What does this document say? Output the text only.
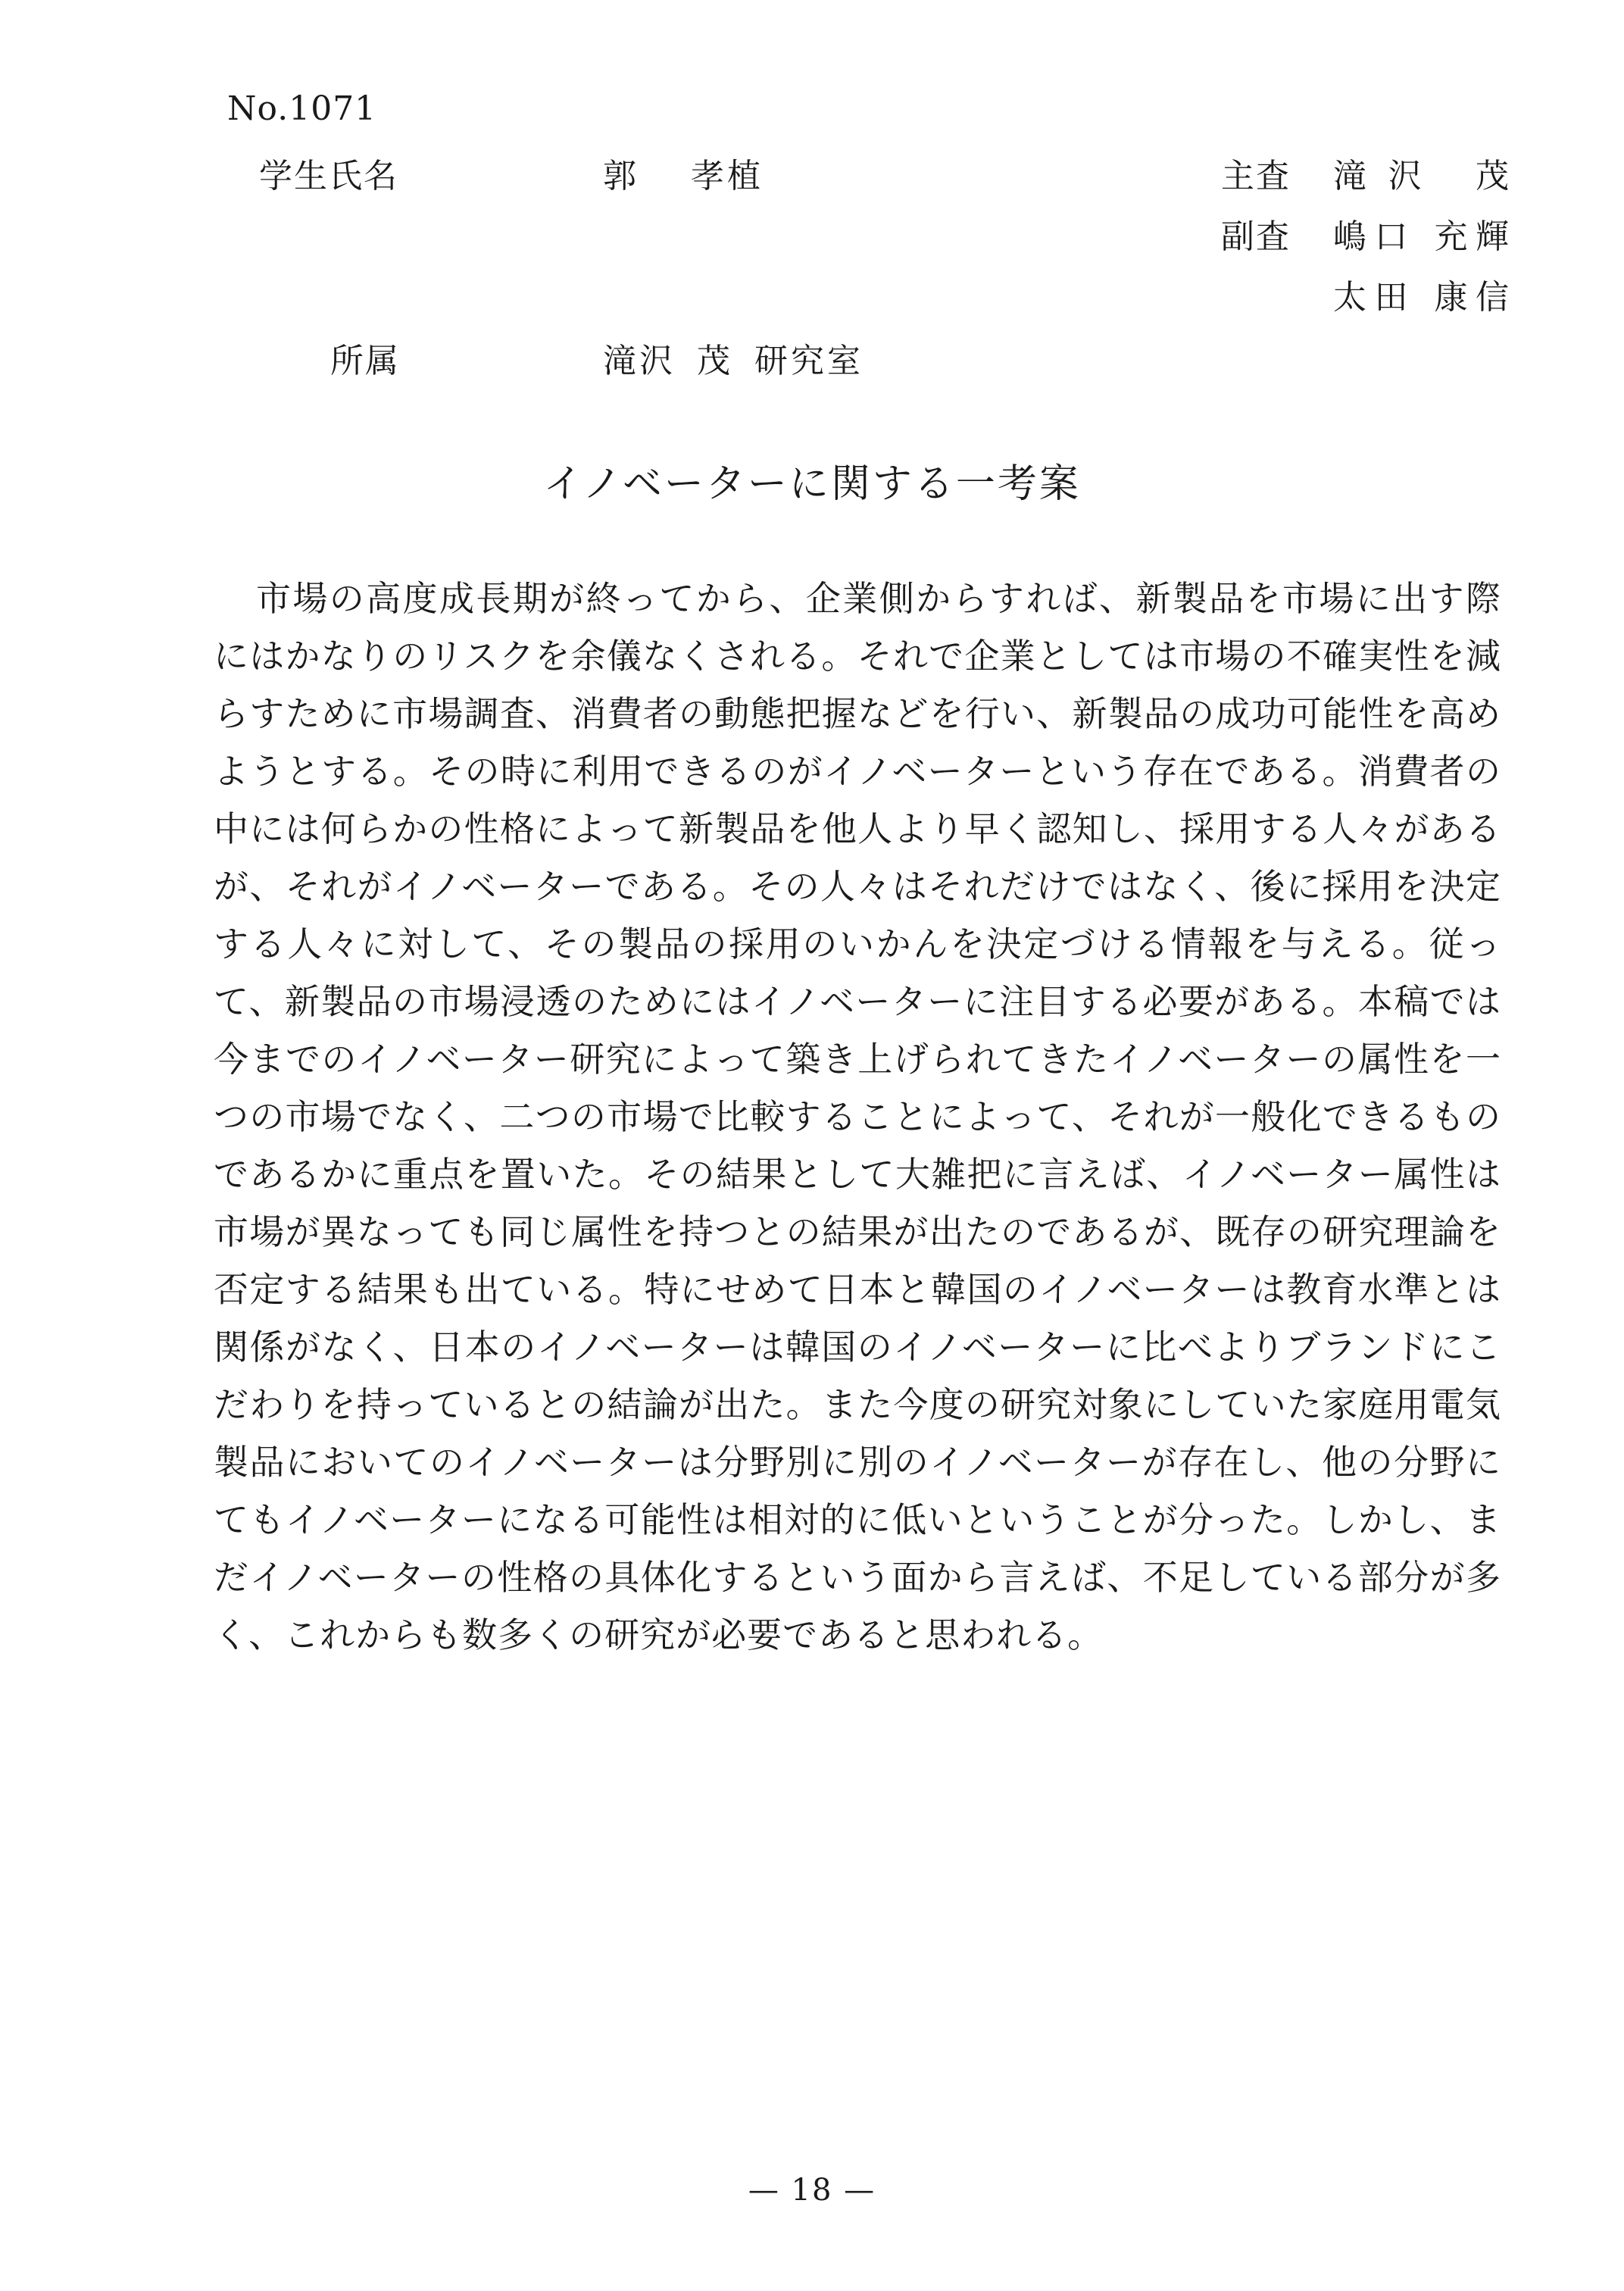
No.1071
学生氏名	郭 孝植	主査 滝沢 茂
副査 嶋口 充輝
太田 康信
所属	滝沢 茂 研究室
イノベーターに関する一考案

市場の高度成長期が終ってから、企業側からすれば、新製品を市場に出す際にはかなりのリスクを余儀なくされる。それで企業としては市場の不確実性を減らすために市場調査、消費者の動態把握などを行い、新製品の成功可能性を高めようとする。その時に利用できるのがイノベーターという存在である。消費者の中には何らかの性格によって新製品を他人より早く認知し、採用する人々があるが、それがイノベーターである。その人々はそれだけではなく、後に採用を決定する人々に対して、その製品の採用のいかんを決定づける情報を与える。従って、新製品の市場浸透のためにはイノベーターに注目する必要がある。本稿では今までのイノベーター研究によって築き上げられてきたイノベーターの属性を一つの市場でなく、二つの市場で比較することによって、それが一般化できるものであるかに重点を置いた。その結果として大雑把に言えば、イノベーター属性は市場が異なっても同じ属性を持つとの結果が出たのであるが、既存の研究理論を否定する結果も出ている。特にせめて日本と韓国のイノベーターは教育水準とは関係がなく、日本のイノベーターは韓国のイノベーターに比べよりブランドにこだわりを持っているとの結論が出た。また今度の研究対象にしていた家庭用電気製品においてのイノベーターは分野別に別のイノベーターが存在し、他の分野にてもイノベーターになる可能性は相対的に低いということが分った。しかし、まだイノベーターの性格の具体化するという面から言えば、不足している部分が多く、これからも数多くの研究が必要であると思われる。

— 18 —
